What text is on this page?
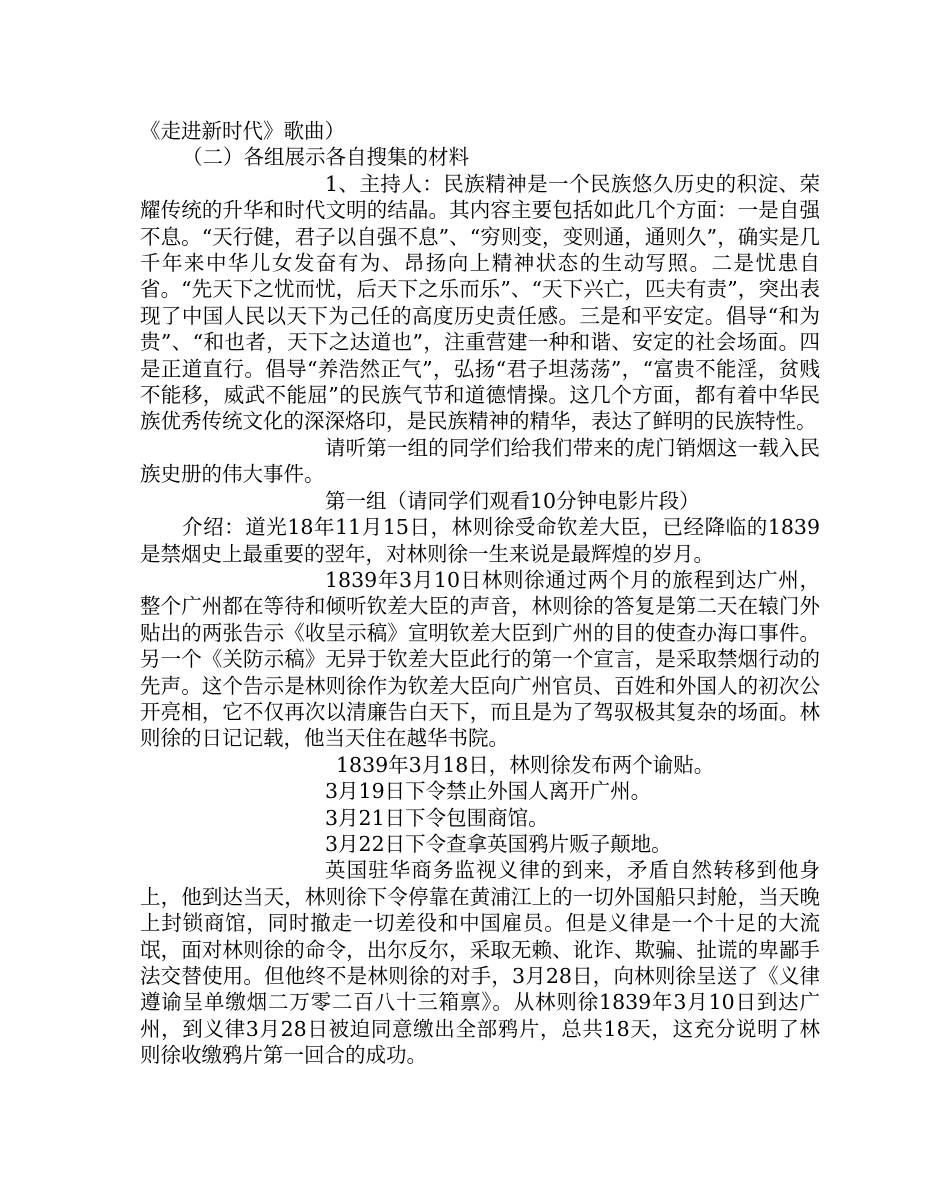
《走进新时代》歌曲）

（二）各组展示各自搜集的材料

1、主持人：民族精神是一个民族悠久历史的积淀、荣耀传统的升华和时代文明的结晶。其内容主要包括如此几个方面：一是自强不息。“天行健，君子以自强不息”、“穷则变，变则通，通则久”，确实是几千年来中华儿女发奋有为、昂扬向上精神状态的生动写照。二是忧患自省。“先天下之忧而忧，后天下之乐而乐”、“天下兴亡，匹夫有责”，突出表现了中国人民以天下为己任的高度历史责任感。三是和平安定。倡导“和为贵”、“和也者，天下之达道也”，注重营建一种和谐、安定的社会场面。四是正道直行。倡导“养浩然正气”，弘扬“君子坦荡荡”，“富贵不能淫，贫贱不能移，威武不能屈”的民族气节和道德情操。这几个方面，都有着中华民族优秀传统文化的深深烙印，是民族精神的精华，表达了鲜明的民族特性。

请听第一组的同学们给我们带来的虎门销烟这一载入民族史册的伟大事件。

第一组（请同学们观看10分钟电影片段）

介绍：道光18年11月15日，林则徐受命钦差大臣，已经降临的1839是禁烟史上最重要的翌年，对林则徐一生来说是最辉煌的岁月。

1839年3月10日林则徐通过两个月的旅程到达广州，整个广州都在等待和倾听钦差大臣的声音，林则徐的答复是第二天在辕门外贴出的两张告示《收呈示稿》宣明钦差大臣到广州的目的使查办海口事件。另一个《关防示稿》无异于钦差大臣此行的第一个宣言，是采取禁烟行动的先声。这个告示是林则徐作为钦差大臣向广州官员、百姓和外国人的初次公开亮相，它不仅再次以清廉告白天下，而且是为了驾驭极其复杂的场面。林则徐的日记记载，他当天住在越华书院。

1839年3月18日，林则徐发布两个谕贴。

3月19日下令禁止外国人离开广州。

3月21日下令包围商馆。

3月22日下令查拿英国鸦片贩子颠地。

英国驻华商务监视义律的到来，矛盾自然转移到他身上，他到达当天，林则徐下令停靠在黄浦江上的一切外国船只封舱，当天晚上封锁商馆，同时撤走一切差役和中国雇员。但是义律是一个十足的大流氓，面对林则徐的命令，出尔反尔，采取无赖、讹诈、欺骗、扯谎的卑鄙手法交替使用。但他终不是林则徐的对手，3月28日，向林则徐呈送了《义律遵谕呈单缴烟二万零二百八十三箱禀》。从林则徐1839年3月10日到达广州，到义律3月28日被迫同意缴出全部鸦片，总共18天，这充分说明了林则徐收缴鸦片第一回合的成功。
